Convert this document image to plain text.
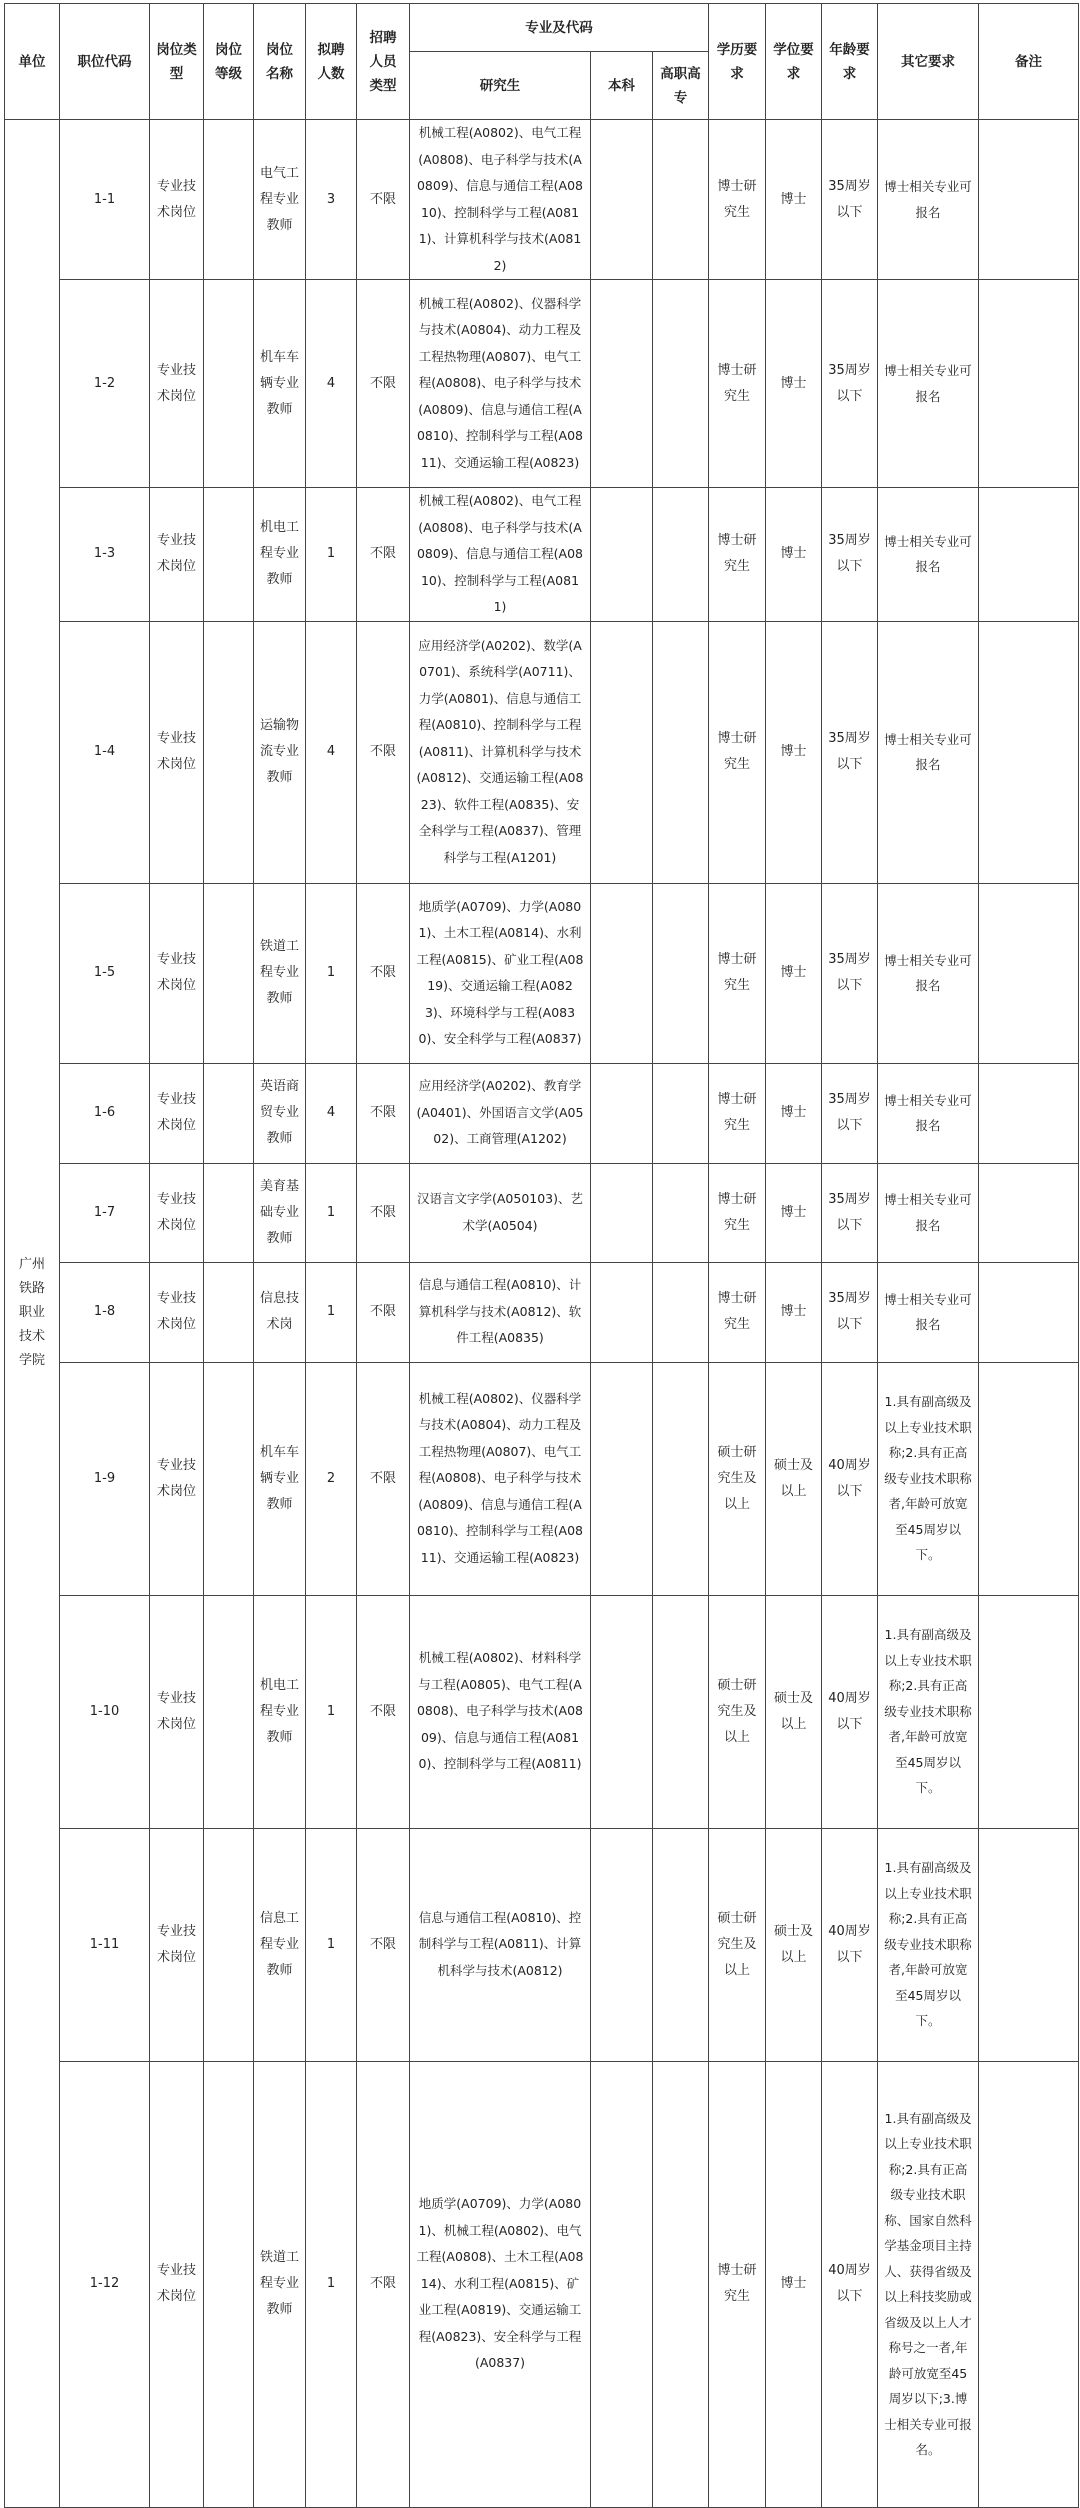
单位	职位代码	岗位类型	岗位等级	岗位名称	拟聘人数	招聘人员类型	专业及代码			学历要求	学位要求	年龄要求	其它要求	备注
							研究生	本科	高职高专					
广州铁路职业技术学院	1-1	专业技术岗位		电气工程专业教师	3	不限	机械工程(A0802)、电气工程(A0808)、电子科学与技术(A0809)、信息与通信工程(A0810)、控制科学与工程(A0811)、计算机科学与技术(A0812)			博士研究生	博士	35周岁以下	博士相关专业可报名	
	1-2	专业技术岗位		机车车辆专业教师	4	不限	机械工程(A0802)、仪器科学与技术(A0804)、动力工程及工程热物理(A0807)、电气工程(A0808)、电子科学与技术(A0809)、信息与通信工程(A0810)、控制科学与工程(A0811)、交通运输工程(A0823)			博士研究生	博士	35周岁以下	博士相关专业可报名	
	1-3	专业技术岗位		机电工程专业教师	1	不限	机械工程(A0802)、电气工程(A0808)、电子科学与技术(A0809)、信息与通信工程(A0810)、控制科学与工程(A0811)			博士研究生	博士	35周岁以下	博士相关专业可报名	
	1-4	专业技术岗位		运输物流专业教师	4	不限	应用经济学(A0202)、数学(A0701)、系统科学(A0711)、力学(A0801)、信息与通信工程(A0810)、控制科学与工程(A0811)、计算机科学与技术(A0812)、交通运输工程(A0823)、软件工程(A0835)、安全科学与工程(A0837)、管理科学与工程(A1201)			博士研究生	博士	35周岁以下	博士相关专业可报名	
	1-5	专业技术岗位		铁道工程专业教师	1	不限	地质学(A0709)、力学(A0801)、土木工程(A0814)、水利工程(A0815)、矿业工程(A0819)、交通运输工程(A0823)、环境科学与工程(A0830)、安全科学与工程(A0837)			博士研究生	博士	35周岁以下	博士相关专业可报名	
	1-6	专业技术岗位		英语商贸专业教师	4	不限	应用经济学(A0202)、教育学(A0401)、外国语言文学(A0502)、工商管理(A1202)			博士研究生	博士	35周岁以下	博士相关专业可报名	
	1-7	专业技术岗位		美育基础专业教师	1	不限	汉语言文字学(A050103)、艺术学(A0504)			博士研究生	博士	35周岁以下	博士相关专业可报名	
	1-8	专业技术岗位		信息技术岗	1	不限	信息与通信工程(A0810)、计算机科学与技术(A0812)、软件工程(A0835)			博士研究生	博士	35周岁以下	博士相关专业可报名	
	1-9	专业技术岗位		机车车辆专业教师	2	不限	机械工程(A0802)、仪器科学与技术(A0804)、动力工程及工程热物理(A0807)、电气工程(A0808)、电子科学与技术(A0809)、信息与通信工程(A0810)、控制科学与工程(A0811)、交通运输工程(A0823)			硕士研究生及以上	硕士及以上	40周岁以下	1.具有副高级及以上专业技术职称;2.具有正高级专业技术职称者,年龄可放宽至45周岁以下。	
	1-10	专业技术岗位		机电工程专业教师	1	不限	机械工程(A0802)、材料科学与工程(A0805)、电气工程(A0808)、电子科学与技术(A0809)、信息与通信工程(A0810)、控制科学与工程(A0811)			硕士研究生及以上	硕士及以上	40周岁以下	1.具有副高级及以上专业技术职称;2.具有正高级专业技术职称者,年龄可放宽至45周岁以下。	
	1-11	专业技术岗位		信息工程专业教师	1	不限	信息与通信工程(A0810)、控制科学与工程(A0811)、计算机科学与技术(A0812)			硕士研究生及以上	硕士及以上	40周岁以下	1.具有副高级及以上专业技术职称;2.具有正高级专业技术职称者,年龄可放宽至45周岁以下。	
	1-12	专业技术岗位		铁道工程专业教师	1	不限	地质学(A0709)、力学(A0801)、机械工程(A0802)、电气工程(A0808)、土木工程(A0814)、水利工程(A0815)、矿业工程(A0819)、交通运输工程(A0823)、安全科学与工程(A0837)			博士研究生	博士	40周岁以下	1.具有副高级及以上专业技术职称;2.具有正高级专业技术职称、国家自然科学基金项目主持人、获得省级及以上科技奖励或省级及以上人才称号之一者,年龄可放宽至45周岁以下;3.博士相关专业可报名。	
